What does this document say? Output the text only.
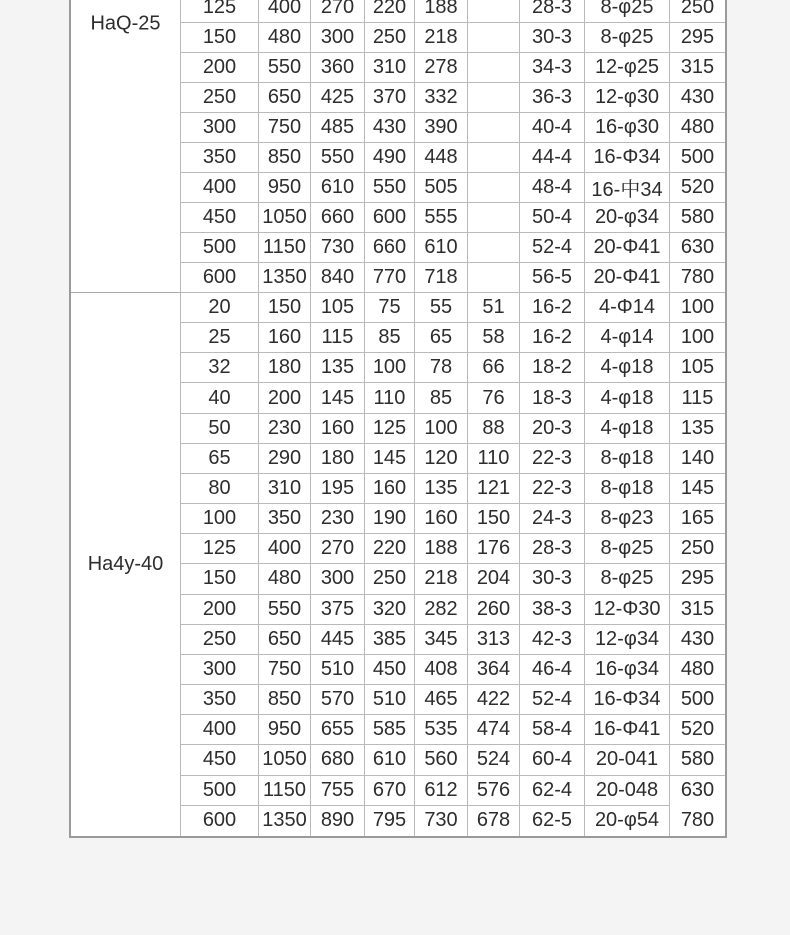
HaQ-25
125	400 270 220 188	28-3	8-φ25	250
150	480 300 250 218	30-3	8-φ25	295
200	550 360 310 278	34-3	12-φ25	315
250	650 425 370 332	36-3	12-φ30	430
300	750 485 430 390	40-4	16-φ30	480
350	850 550 490 448	44-4	16-Φ34	500
400	950 610 550 505	48-4 16-中34 520
450	1050 660 600 555	50-4	20-φ34	580
500	1150 730 660 610	52-4	20-Φ41	630
600	1350 840 770 718	56-5	20-Φ41	780
Ha4y-40
20	150 105	75	55	51	16-2	4-Φ14	100
25	160	115	85	65	58	16-2	4-φ14	100
32	180 135 100	78	66	18-2	4-φ18	105
40	200 145 110	85	76	18-3	4-φ18	115
50	230 160 125 100	88	20-3	4-φ18	135
65	290 180 145 120 110	22-3	8-φ18	140
80	310 195 160 135 121	22-3	8-φ18	145
100	350 230 190 160 150	24-3	8-φ23	165
125	400 270 220 188 176	28-3	8-φ25	250
150	480 300 250 218 204	30-3	8-φ25	295
200	550 375 320 282 260	38-3	12-Φ30	315
250	650 445 385 345 313	42-3	12-φ34	430
300	750 510 450 408 364	46-4	16-φ34	480
350	850 570 510 465 422	52-4	16-Φ34	500
400	950 655 585 535 474	58-4	16-Φ41	520
450	1050 680 610 560 524	60-4	20-041	580
500	1150 755 670 612 576	62-4	20-048	630
600	1350 890 795 730 678	62-5	20-φ54	780
